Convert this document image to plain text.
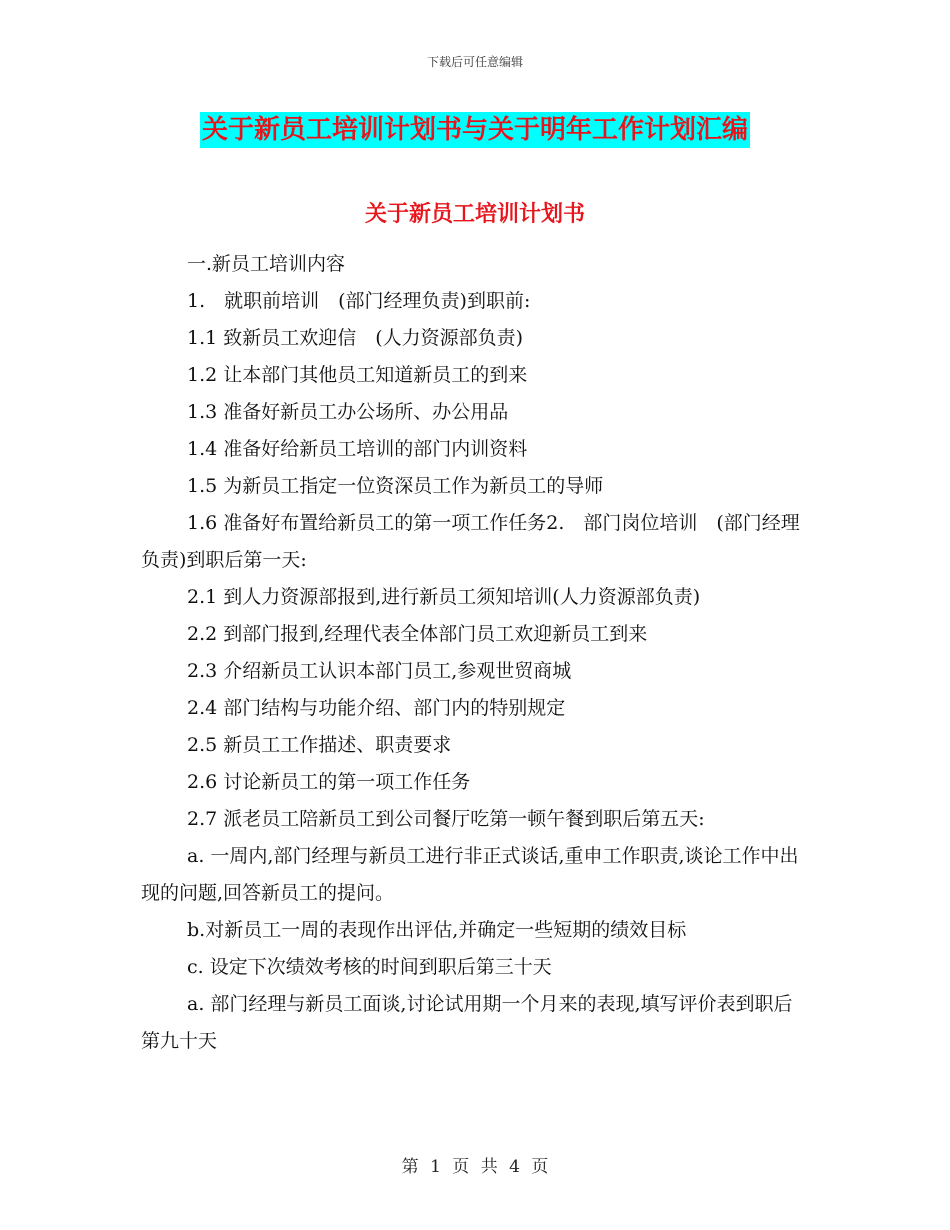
下载后可任意编辑
关于新员工培训计划书与关于明年工作计划汇编
关于新员工培训计划书

一.新员工培训内容

1.　就职前培训　(部门经理负责)到职前:

1.1 致新员工欢迎信　(人力资源部负责)

1.2 让本部门其他员工知道新员工的到来

1.3 准备好新员工办公场所、办公用品

1.4 准备好给新员工培训的部门内训资料

1.5 为新员工指定一位资深员工作为新员工的导师

1.6 准备好布置给新员工的第一项工作任务2.　部门岗位培训　(部门经理负责)到职后第一天:

2.1 到人力资源部报到,进行新员工须知培训(人力资源部负责)

2.2 到部门报到,经理代表全体部门员工欢迎新员工到来

2.3 介绍新员工认识本部门员工,参观世贸商城

2.4 部门结构与功能介绍、部门内的特别规定

2.5 新员工工作描述、职责要求

2.6 讨论新员工的第一项工作任务

2.7 派老员工陪新员工到公司餐厅吃第一顿午餐到职后第五天:

a. 一周内,部门经理与新员工进行非正式谈话,重申工作职责,谈论工作中出现的问题,回答新员工的提问。

b.对新员工一周的表现作出评估,并确定一些短期的绩效目标

c. 设定下次绩效考核的时间到职后第三十天

a. 部门经理与新员工面谈,讨论试用期一个月来的表现,填写评价表到职后第九十天

第 1 页 共 4 页
